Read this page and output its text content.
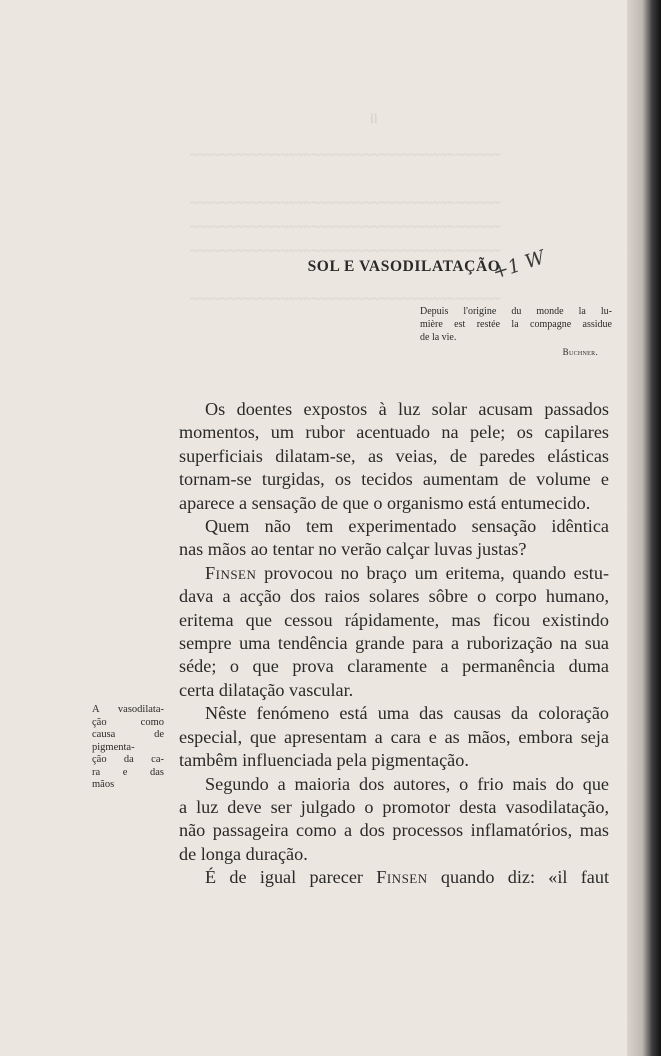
ll
~~~~~~~~~~~~~~~~~~~~~~~~~~~~~~~~~~~~~~~~~
~~~~~~~~~~~~~~~~~~~~~~~~~~~~~~~~~~~~~~~~~
~~~~~~~~~~~~~~~~~~~~~~~~~~~~~~~~~~~~~~~~~
~~~~~~~~~~~~~~~~~~~~~~~~~~~~~~~~~~~~~~~~~
~~~~~~~~~~~~~~~~~~~~~~~~~~~~~~~~~~~~~~~~~
SOL E VASODILATAÇÃO
+1 W
Depuis l'origine du monde la lu-
mière est restée la compagne assidue
de la vie.
Buchner.
A vasodilata-
ção como
causa de
pigmenta-
ção da ca-
ra e das
mãos

Os doentes expostos à luz solar acusam passados
momentos, um rubor acentuado na pele; os capilares
superficiais dilatam-se, as veias, de paredes elásticas
tornam-se turgidas, os tecidos aumentam de volume e
aparece a sensação de que o organismo está entumecido.

Quem não tem experimentado sensação idêntica
nas mãos ao tentar no verão calçar luvas justas?

Finsen provocou no braço um eritema, quando estu-
dava a acção dos raios solares sôbre o corpo humano,
eritema que cessou rápidamente, mas ficou existindo
sempre uma tendência grande para a ruborização na sua
séde; o que prova claramente a permanência duma
certa dilatação vascular.

Nêste fenómeno está uma das causas da coloração
especial, que apresentam a cara e as mãos, embora seja
tambêm influenciada pela pigmentação.

Segundo a maioria dos autores, o frio mais do que
a luz deve ser julgado o promotor desta vasodilatação,
não passageira como a dos processos inflamatórios, mas
de longa duração.

É de igual parecer Finsen quando diz: «il faut
